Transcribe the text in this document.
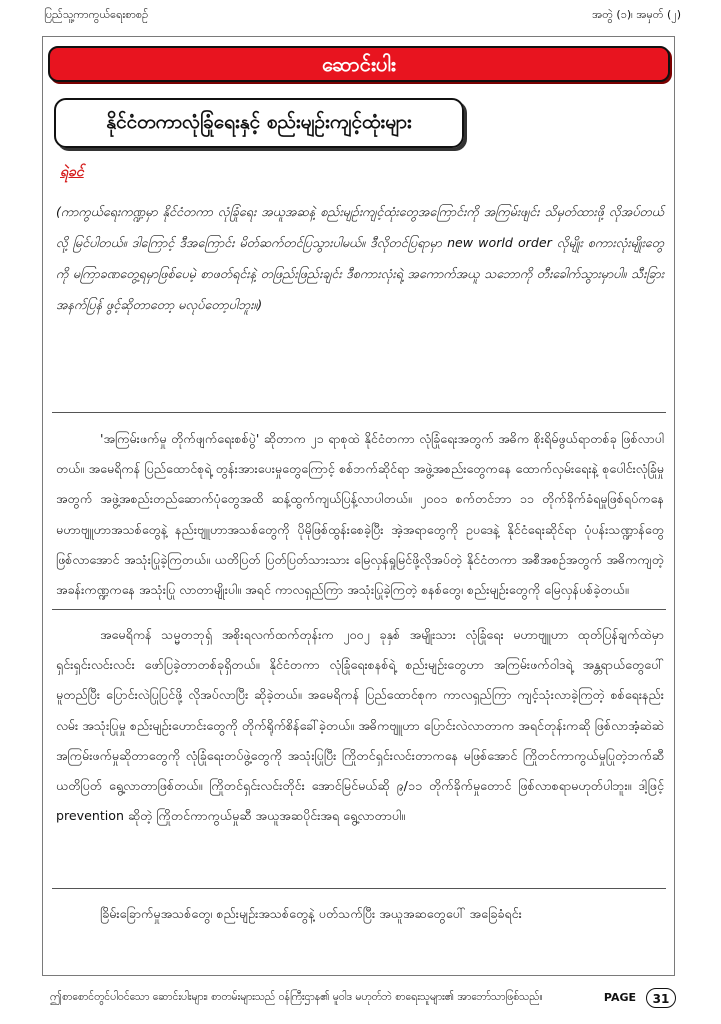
ပြည်သူ့ကာကွယ်ရေးစာစဥ်	အတွဲ (၁)၊ အမှတ် (၂)
ဆောင်းပါး
နိုင်ငံတကာလုံခြုံရေးနှင့် စည်းမျဉ်းကျင့်ထုံးများ
ရဲခင်
(ကာကွယ်ရေးကဏ္ဍမှာ နိုင်ငံတကာ လုံခြုံရေး အယူအဆနဲ့ စည်းမျဉ်းကျင့်ထုံးတွေအကြောင်းကို အကြမ်းဖျင်း သိမှတ်ထားဖို့ လိုအပ်တယ်လို့ မြင်ပါတယ်။ ဒါကြောင့် ဒီအကြောင်း မိတ်ဆက်တင်ပြသွားပါမယ်။ ဒီလိုတင်ပြရာမှာ new world order လိုမျိုး စကားလုံးမျိုးတွေကို မကြာခဏတွေ့ရမှာဖြစ်ပေမဲ့ စာဖတ်ရင်းနဲ့ တဖြည်းဖြည်းချင်း ဒီစကားလုံးရဲ့ အကောက်အယူ သဘောကို တီးခေါက်သွားမှာပါ။ သီးခြား အနက်ပြန် ဖွင့်ဆိုတာတော့ မလုပ်တော့ပါဘူး။)
'အကြမ်းဖက်မှု တိုက်ဖျက်ရေးစစ်ပွဲ' ဆိုတာက ၂၁ ရာစုထဲ နိုင်ငံတကာ လုံခြုံရေးအတွက် အဓိက စိုးရိမ်ဖွယ်ရာတစ်ခု ဖြစ်လာပါတယ်။ အမေရိကန် ပြည်ထောင်စုရဲ့ တွန်းအားပေးမှုတွေကြောင့် စစ်ဘက်ဆိုင်ရာ အဖွဲ့အစည်းတွေကနေ ထောက်လှမ်းရေးနဲ့ စုပေါင်းလုံခြုံမှုအတွက် အဖွဲ့အစည်းတည်ဆောက်ပုံတွေအထိ ဆန့်ထွက်ကျယ်ပြန့်လာပါတယ်။ ၂၀၀၁ စက်တင်ဘာ ၁၁ တိုက်ခိုက်ခံရမှုဖြစ်ရပ်ကနေ မဟာဗျူဟာအသစ်တွေနဲ့ နည်းဗျူဟာအသစ်တွေကို ပိုမိုဖြစ်ထွန်းစေခဲ့ပြီး အဲ့အရာတွေကို ဥပဒေနဲ့ နိုင်ငံရေးဆိုင်ရာ ပုံပန်းသဏ္ဍာန်တွေဖြစ်လာအောင် အသုံးပြုခဲ့ကြတယ်။ ယတိပြတ် ပြတ်ပြတ်သားသား မြေလှန်ရှုမြင်ဖို့လိုအပ်တဲ့ နိုင်ငံတကာ အစီအစဉ်အတွက် အဓိကကျတဲ့ အခန်းကဏ္ဍကနေ အသုံးပြု လာတာမျိုးပါ။ အရင် ကာလရှည်ကြာ အသုံးပြုခဲ့ကြတဲ့ စနစ်တွေ၊ စည်းမျဉ်းတွေကို မြေလှန်ပစ်ခဲ့တယ်။
အမေရိကန် သမ္မတဘုရှ် အစိုးရလက်ထက်တုန်းက ၂၀၀၂ ခုနှစ် အမျိုးသား လုံခြုံရေး မဟာဗျူဟာ ထုတ်ပြန်ချက်ထဲမှာ ရှင်းရှင်းလင်းလင်း ဖော်ပြခဲ့တာတစ်ခုရှိတယ်။ နိုင်ငံတကာ လုံခြုံရေးစနစ်ရဲ့ စည်းမျဉ်းတွေဟာ အကြမ်းဖက်ဝါဒရဲ့ အန္တရာယ်တွေပေါ် မူတည်ပြီး ပြောင်းလဲပြုပြင်ဖို့ လိုအပ်လာပြီး ဆိုခဲ့တယ်။ အမေရိကန် ပြည်ထောင်စုက ကာလရှည်ကြာ ကျင့်သုံးလာခဲ့ကြတဲ့ စစ်ရေးနည်းလမ်း အသုံးပြုမှု စည်းမျဉ်းဟောင်းတွေကို တိုက်ရိုက်စိန်ခေါ်ခဲ့တယ်။ အဓိကဗျူဟာ ပြောင်းလဲလာတာက အရင်တုန်းကဆို ဖြစ်လာအံ့ဆဲဆဲ အကြမ်းဖက်မှုဆိုတာတွေကို လုံခြုံရေးတပ်ဖွဲ့တွေကို အသုံးပြုပြီး ကြိုတင်ရှင်းလင်းတာကနေ မဖြစ်အောင် ကြိုတင်ကာကွယ်မှုပြုတဲ့ဘက်ဆီ ယတိပြတ် ရွေ့လာတာဖြစ်တယ်။ ကြိုတင်ရှင်းလင်းတိုင်း အောင်မြင်မယ်ဆို ၉/၁၁ တိုက်ခိုက်မှုတောင် ဖြစ်လာစရာမဟုတ်ပါဘူး။ ဒါ့ဖြင့် prevention ဆိုတဲ့ ကြိုတင်ကာကွယ်မှုဆီ အယူအဆပိုင်းအရ ရွေ့လာတာပါ။
ခြိမ်းခြောက်မှုအသစ်တွေ၊ စည်းမျဉ်းအသစ်တွေနဲ့ ပတ်သက်ပြီး အယူအဆတွေပေါ် အခြေခံရင်း
ဤစာစောင်တွင်ပါဝင်သော ဆောင်းပါးများ၊ စာတမ်းများသည် ဝန်ကြီးဌာန၏ မူဝါဒ မဟုတ်ဘဲ စာရေးသူများ၏ အာဘော်သာဖြစ်သည်။	PAGE	31
